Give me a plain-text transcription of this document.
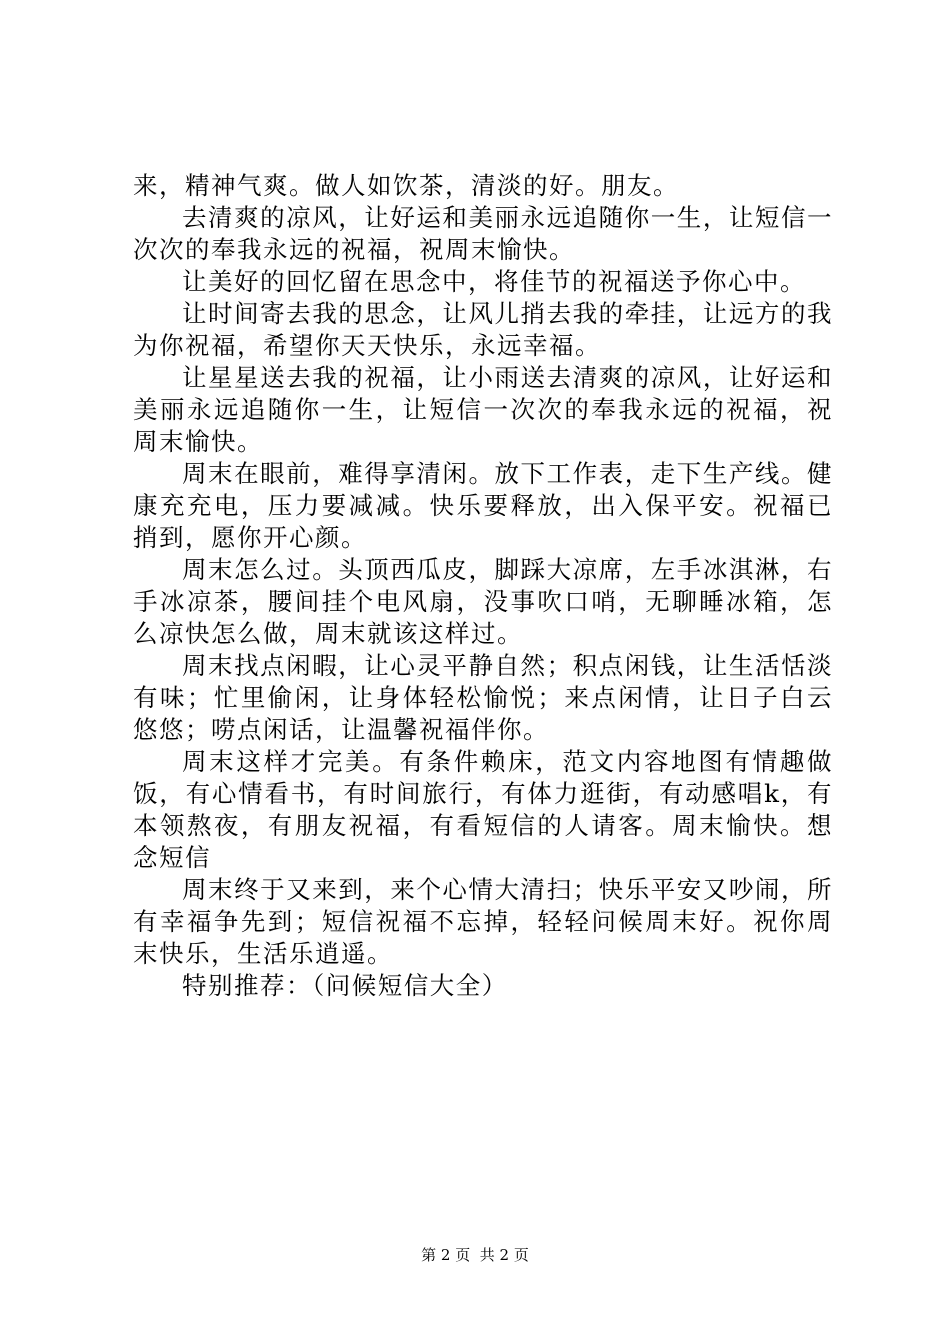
来，精神气爽。做人如饮茶，清淡的好。朋友。

去清爽的凉风，让好运和美丽永远追随你一生，让短信一次次的奉我永远的祝福，祝周末愉快。

让美好的回忆留在思念中，将佳节的祝福送予你心中。

让时间寄去我的思念，让风儿捎去我的牵挂，让远方的我为你祝福，希望你天天快乐，永远幸福。

让星星送去我的祝福，让小雨送去清爽的凉风，让好运和美丽永远追随你一生，让短信一次次的奉我永远的祝福，祝周末愉快。

周末在眼前，难得享清闲。放下工作表，走下生产线。健康充充电，压力要减减。快乐要释放，出入保平安。祝福已捎到，愿你开心颜。

周末怎么过。头顶西瓜皮，脚踩大凉席，左手冰淇淋，右手冰凉茶，腰间挂个电风扇，没事吹口哨，无聊睡冰箱，怎么凉快怎么做，周末就该这样过。

周末找点闲暇，让心灵平静自然；积点闲钱，让生活恬淡有味；忙里偷闲，让身体轻松愉悦；来点闲情，让日子白云悠悠；唠点闲话，让温馨祝福伴你。

周末这样才完美。有条件赖床，范文内容地图有情趣做饭，有心情看书，有时间旅行，有体力逛街，有动感唱k，有本领熬夜，有朋友祝福，有看短信的人请客。周末愉快。想念短信

周末终于又来到，来个心情大清扫；快乐平安又吵闹，所有幸福争先到；短信祝福不忘掉，轻轻问候周末好。祝你周末快乐，生活乐逍遥。

特别推荐：（问候短信大全）

第 2 页  共 2 页
